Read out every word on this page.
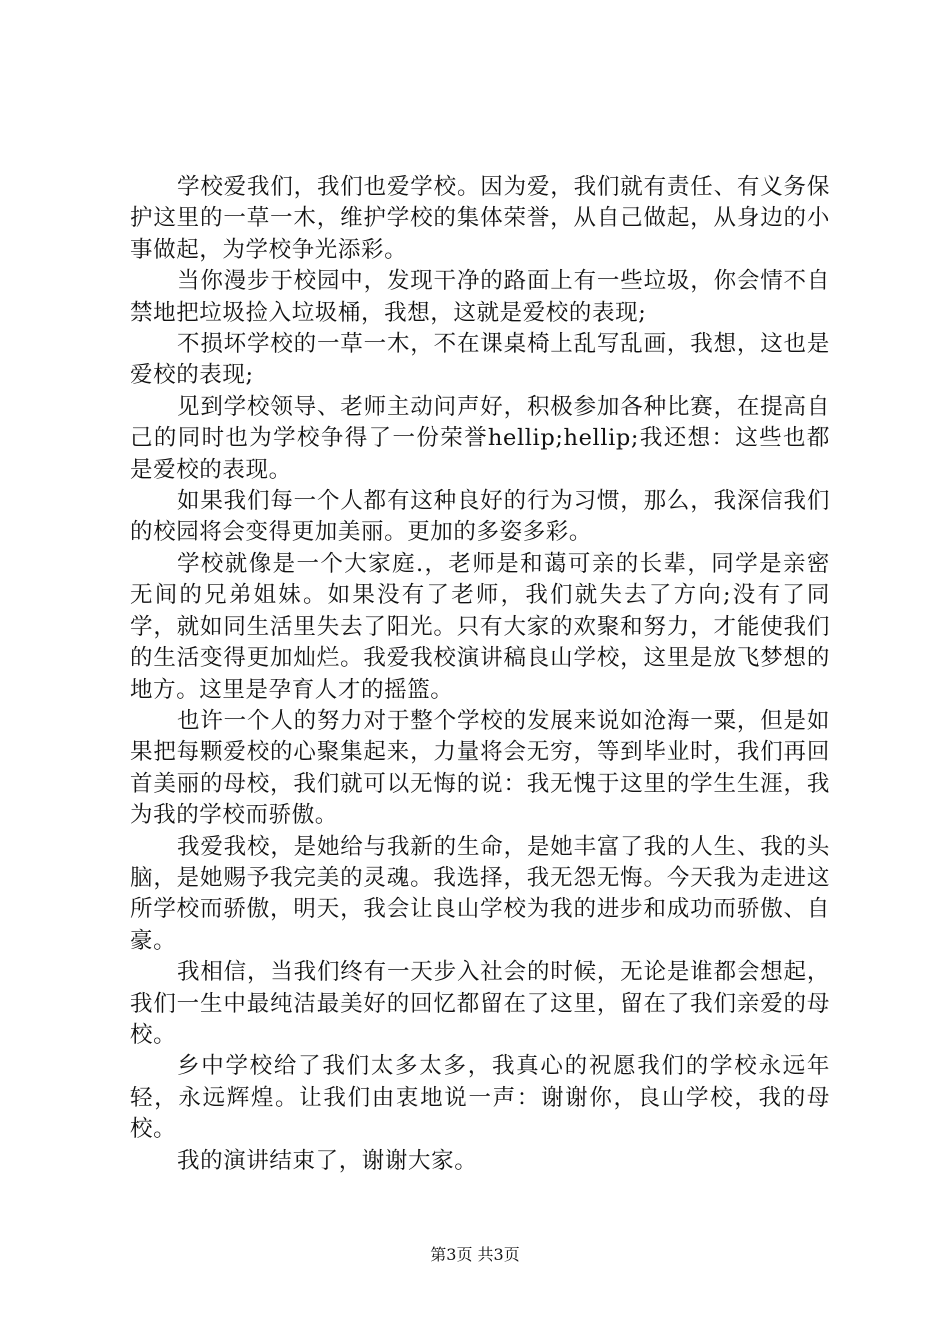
学校爱我们，我们也爱学校。因为爱，我们就有责任、有义务保护这里的一草一木，维护学校的集体荣誉，从自己做起，从身边的小事做起，为学校争光添彩。

当你漫步于校园中，发现干净的路面上有一些垃圾，你会情不自禁地把垃圾捡入垃圾桶，我想，这就是爱校的表现;

不损坏学校的一草一木，不在课桌椅上乱写乱画，我想，这也是爱校的表现;

见到学校领导、老师主动问声好，积极参加各种比赛，在提高自己的同时也为学校争得了一份荣誉hellip;hellip;我还想：这些也都是爱校的表现。

如果我们每一个人都有这种良好的行为习惯，那么，我深信我们的校园将会变得更加美丽。更加的多姿多彩。

学校就像是一个大家庭.，老师是和蔼可亲的长辈，同学是亲密无间的兄弟姐妹。如果没有了老师，我们就失去了方向;没有了同学，就如同生活里失去了阳光。只有大家的欢聚和努力，才能使我们的生活变得更加灿烂。我爱我校演讲稿良山学校，这里是放飞梦想的地方。这里是孕育人才的摇篮。

也许一个人的努力对于整个学校的发展来说如沧海一粟，但是如果把每颗爱校的心聚集起来，力量将会无穷，等到毕业时，我们再回首美丽的母校，我们就可以无悔的说：我无愧于这里的学生生涯，我为我的学校而骄傲。

我爱我校，是她给与我新的生命，是她丰富了我的人生、我的头脑，是她赐予我完美的灵魂。我选择，我无怨无悔。今天我为走进这所学校而骄傲，明天，我会让良山学校为我的进步和成功而骄傲、自豪。

我相信，当我们终有一天步入社会的时候，无论是谁都会想起，我们一生中最纯洁最美好的回忆都留在了这里，留在了我们亲爱的母校。

乡中学校给了我们太多太多，我真心的祝愿我们的学校永远年轻，永远辉煌。让我们由衷地说一声：谢谢你，良山学校，我的母校。

我的演讲结束了，谢谢大家。

第3页 共3页
